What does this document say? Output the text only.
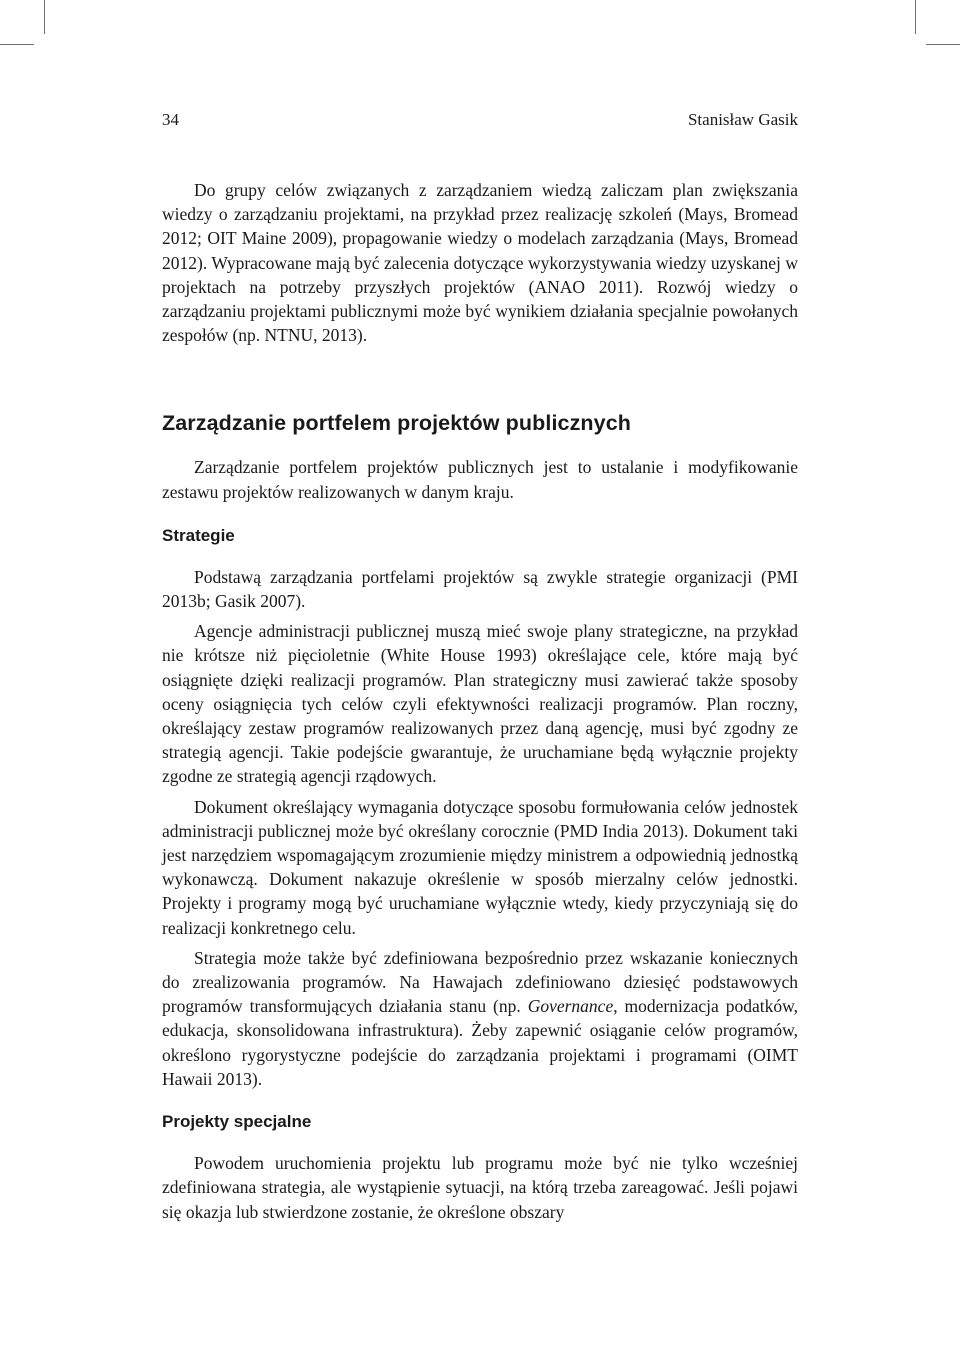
34	Stanisław Gasik

Do grupy celów związanych z zarządzaniem wiedzą zaliczam plan zwiększania wiedzy o zarządzaniu projektami, na przykład przez realizację szkoleń (Mays, Bromead 2012; OIT Maine 2009), propagowanie wiedzy o modelach zarządzania (Mays, Bromead 2012). Wypracowane mają być zalecenia dotyczące wykorzystywania wiedzy uzyskanej w projektach na potrzeby przyszłych projektów (ANAO 2011). Rozwój wiedzy o zarządzaniu projektami publicznymi może być wynikiem działania specjalnie powołanych zespołów (np. NTNU, 2013).

Zarządzanie portfelem projektów publicznych

Zarządzanie portfelem projektów publicznych jest to ustalanie i modyfikowanie zestawu projektów realizowanych w danym kraju.

Strategie

Podstawą zarządzania portfelami projektów są zwykle strategie organizacji (PMI 2013b; Gasik 2007).

Agencje administracji publicznej muszą mieć swoje plany strategiczne, na przykład nie krótsze niż pięcioletnie (White House 1993) określające cele, które mają być osiągnięte dzięki realizacji programów. Plan strategiczny musi zawierać także sposoby oceny osiągnięcia tych celów czyli efektywności realizacji programów. Plan roczny, określający zestaw programów realizowanych przez daną agencję, musi być zgodny ze strategią agencji. Takie podejście gwarantuje, że uruchamiane będą wyłącznie projekty zgodne ze strategią agencji rządowych.

Dokument określający wymagania dotyczące sposobu formułowania celów jednostek administracji publicznej może być określany corocznie (PMD India 2013). Dokument taki jest narzędziem wspomagającym zrozumienie między ministrem a odpowiednią jednostką wykonawczą. Dokument nakazuje określenie w sposób mierzalny celów jednostki. Projekty i programy mogą być uruchamiane wyłącznie wtedy, kiedy przyczyniają się do realizacji konkretnego celu.

Strategia może także być zdefiniowana bezpośrednio przez wskazanie koniecznych do zrealizowania programów. Na Hawajach zdefiniowano dziesięć podstawowych programów transformujących działania stanu (np. Governance, modernizacja podatków, edukacja, skonsolidowana infrastruktura). Żeby zapewnić osiąganie celów programów, określono rygorystyczne podejście do zarządzania projektami i programami (OIMT Hawaii 2013).

Projekty specjalne

Powodem uruchomienia projektu lub programu może być nie tylko wcześniej zdefiniowana strategia, ale wystąpienie sytuacji, na którą trzeba zareagować. Jeśli pojawi się okazja lub stwierdzone zostanie, że określone obszary
